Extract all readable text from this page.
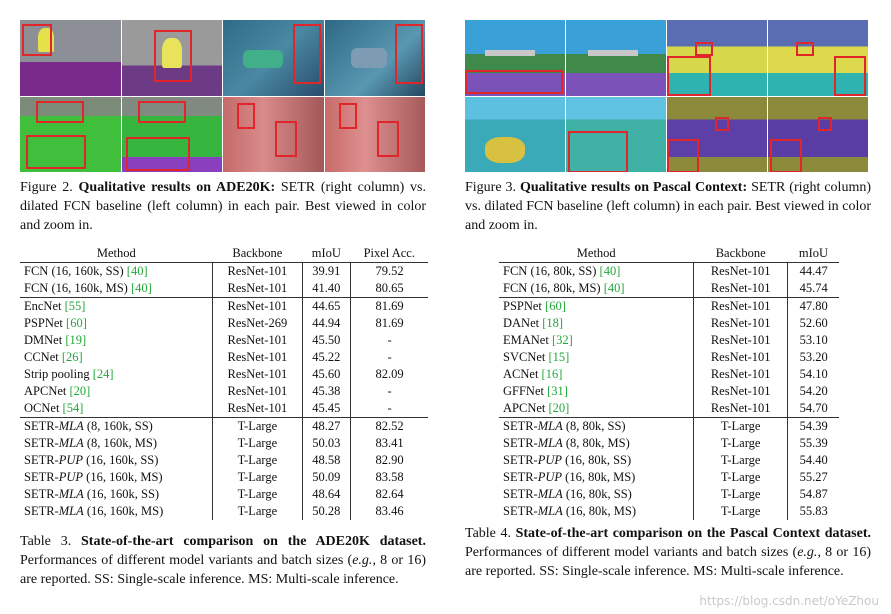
Figure 2. Qualitative results on ADE20K: SETR (right column) vs. dilated FCN baseline (left column) in each pair. Best viewed in color and zoom in.
Method	Backbone	mIoU	Pixel Acc.
FCN (16, 160k, SS) [40]	ResNet-101	39.91	79.52
FCN (16, 160k, MS) [40]	ResNet-101	41.40	80.65
EncNet [55]	ResNet-101	44.65	81.69
PSPNet [60]	ResNet-269	44.94	81.69
DMNet [19]	ResNet-101	45.50	-
CCNet [26]	ResNet-101	45.22	-
Strip pooling [24]	ResNet-101	45.60	82.09
APCNet [20]	ResNet-101	45.38	-
OCNet [54]	ResNet-101	45.45	-
SETR-MLA (8, 160k, SS)	T-Large	48.27	82.52
SETR-MLA (8, 160k, MS)	T-Large	50.03	83.41
SETR-PUP (16, 160k, SS)	T-Large	48.58	82.90
SETR-PUP (16, 160k, MS)	T-Large	50.09	83.58
SETR-MLA (16, 160k, SS)	T-Large	48.64	82.64
SETR-MLA (16, 160k, MS)	T-Large	50.28	83.46
Table 3. State-of-the-art comparison on the ADE20K dataset. Performances of different model variants and batch sizes (e.g., 8 or 16) are reported. SS: Single-scale inference. MS: Multi-scale inference.
Figure 3. Qualitative results on Pascal Context: SETR (right column) vs. dilated FCN baseline (left column) in each pair. Best viewed in color and zoom in.
Method	Backbone	mIoU
FCN (16, 80k, SS) [40]	ResNet-101	44.47
FCN (16, 80k, MS) [40]	ResNet-101	45.74
PSPNet [60]	ResNet-101	47.80
DANet [18]	ResNet-101	52.60
EMANet [32]	ResNet-101	53.10
SVCNet [15]	ResNet-101	53.20
ACNet [16]	ResNet-101	54.10
GFFNet [31]	ResNet-101	54.20
APCNet [20]	ResNet-101	54.70
SETR-MLA (8, 80k, SS)	T-Large	54.39
SETR-MLA (8, 80k, MS)	T-Large	55.39
SETR-PUP (16, 80k, SS)	T-Large	54.40
SETR-PUP (16, 80k, MS)	T-Large	55.27
SETR-MLA (16, 80k, SS)	T-Large	54.87
SETR-MLA (16, 80k, MS)	T-Large	55.83
Table 4. State-of-the-art comparison on the Pascal Context dataset. Performances of different model variants and batch sizes (e.g., 8 or 16) are reported. SS: Single-scale inference. MS: Multi-scale inference.
https://blog.csdn.net/oYeZhou
